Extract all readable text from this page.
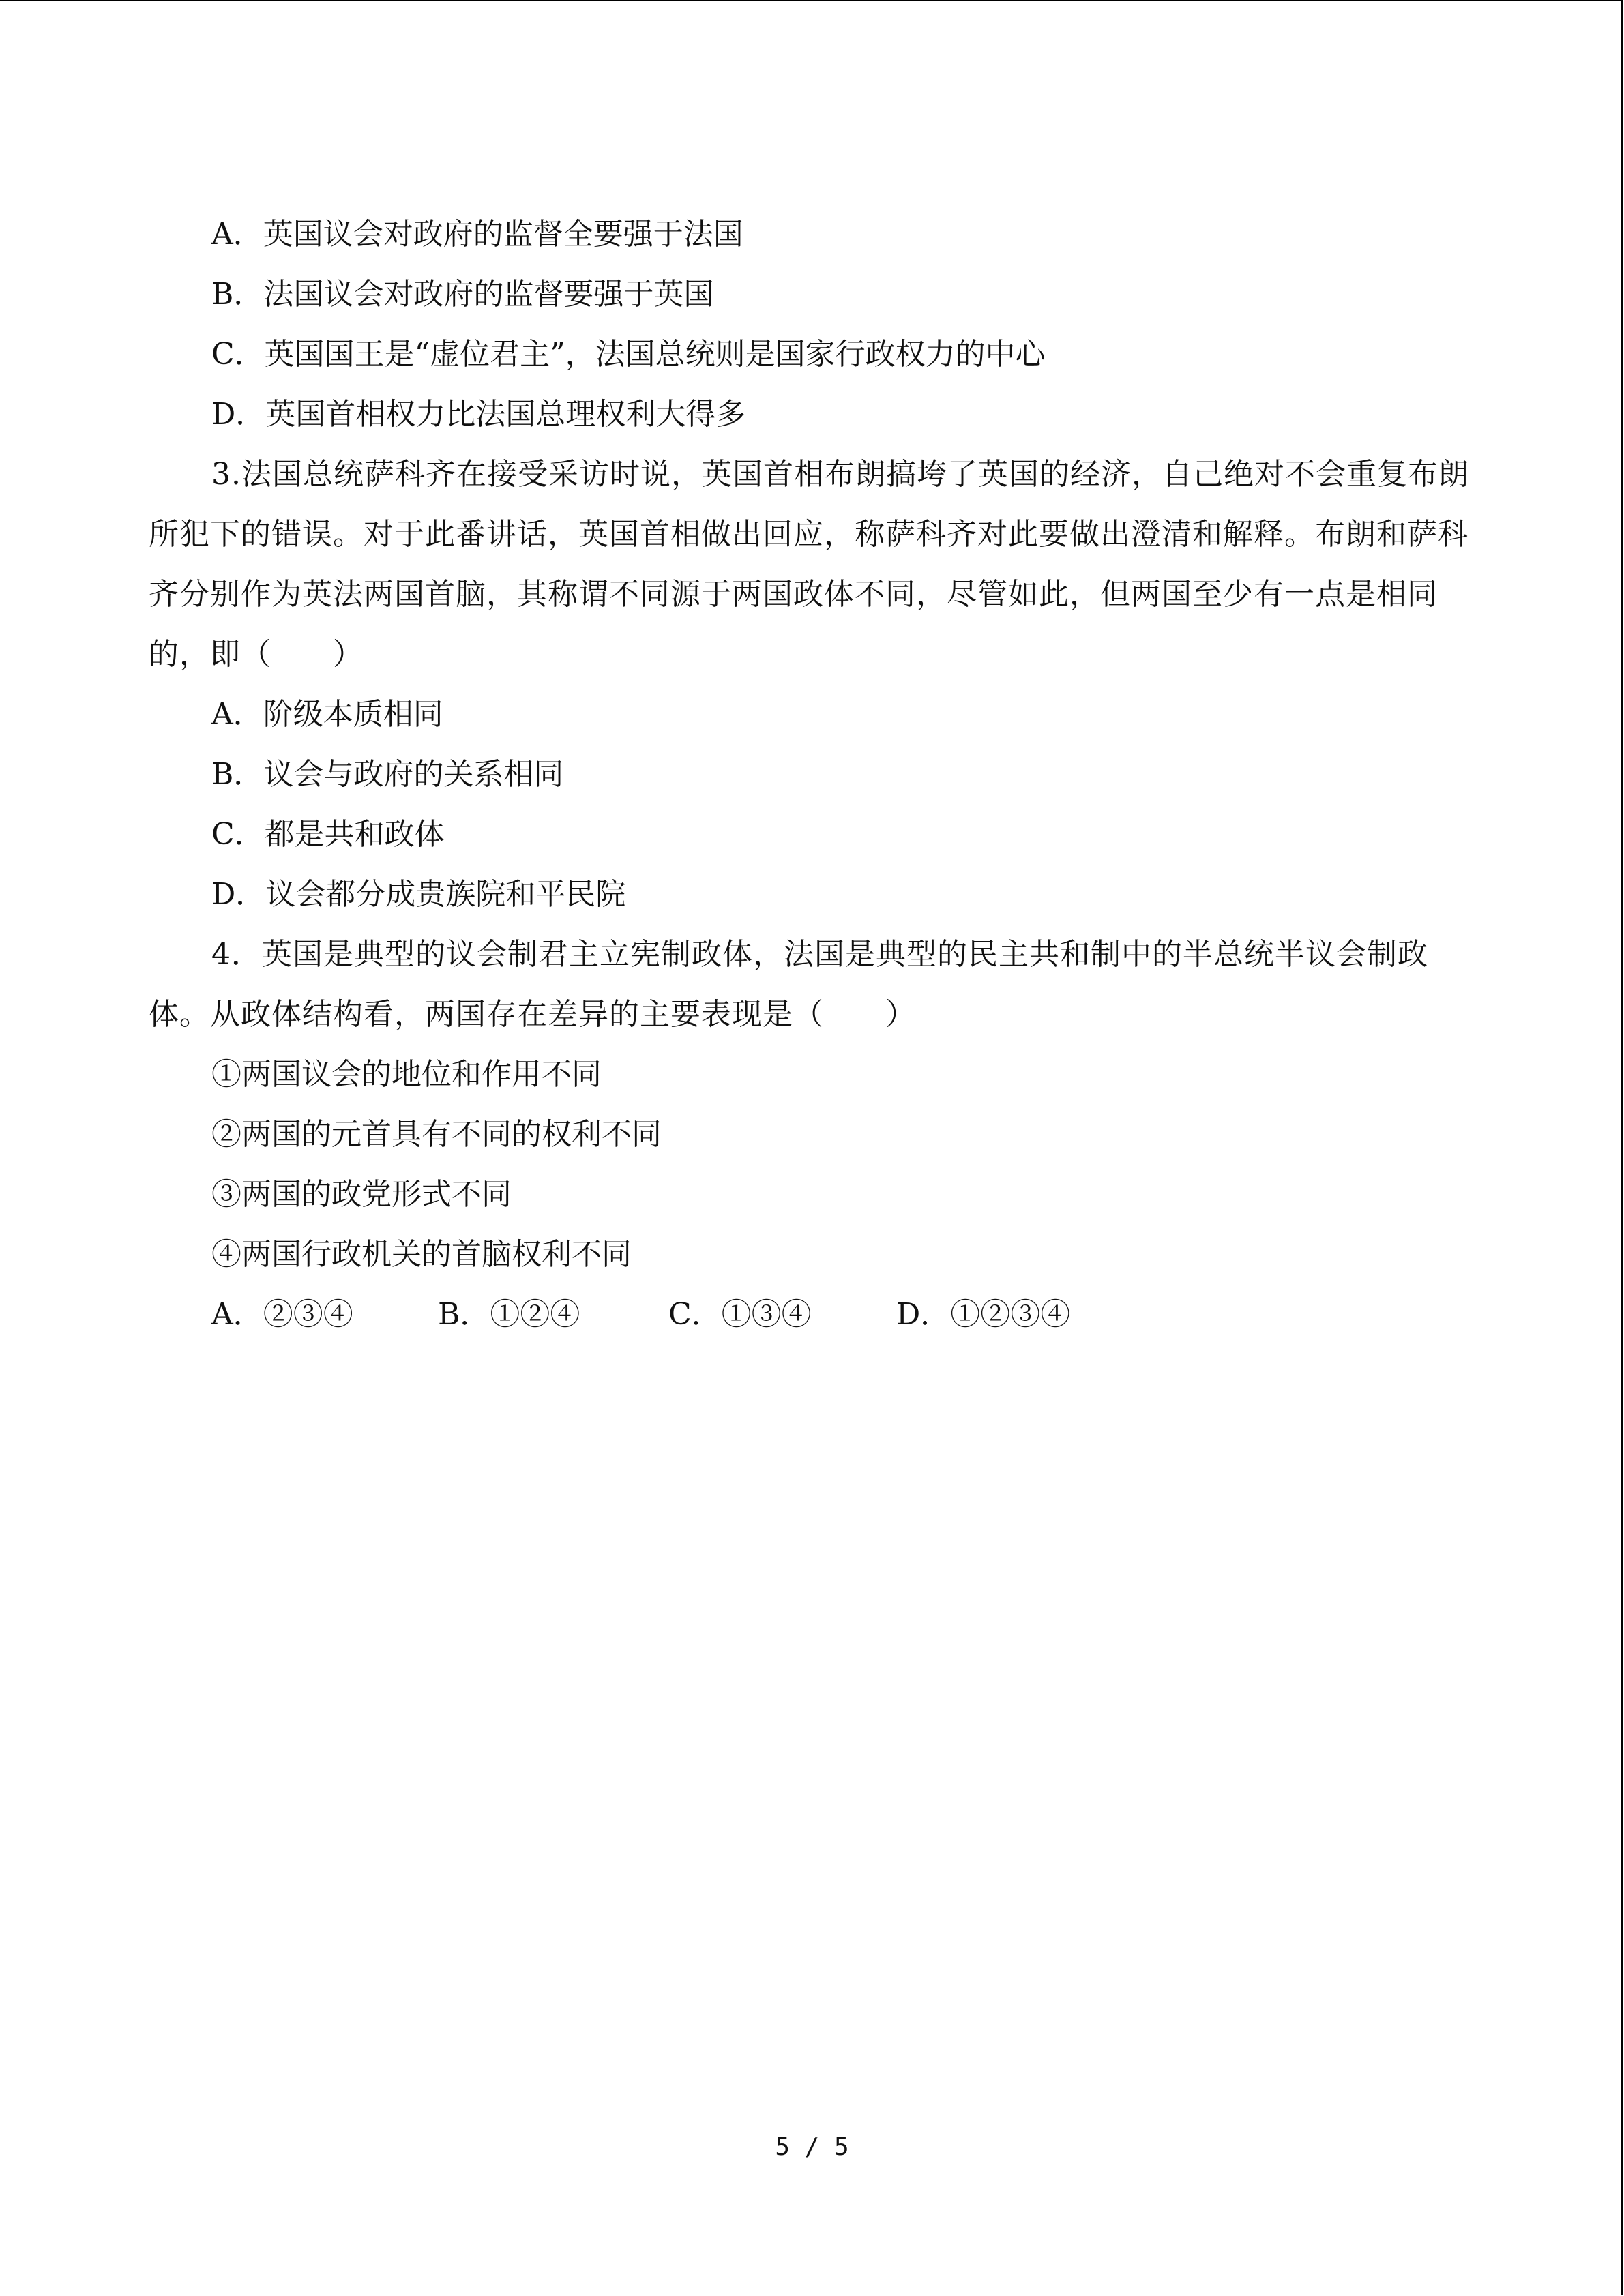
A．英国议会对政府的监督全要强于法国
B．法国议会对政府的监督要强于英国
C．英国国王是“虚位君主”，法国总统则是国家行政权力的中心
D．英国首相权力比法国总理权利大得多
3.法国总统萨科齐在接受采访时说，英国首相布朗搞垮了英国的经济，自己绝对不会重复布朗所犯下的错误。对于此番讲话，英国首相做出回应，称萨科齐对此要做出澄清和解释。布朗和萨科齐分别作为英法两国首脑，其称谓不同源于两国政体不同，尽管如此，但两国至少有一点是相同的，即（　　）
A．阶级本质相同
B．议会与政府的关系相同
C．都是共和政体
D．议会都分成贵族院和平民院
4．英国是典型的议会制君主立宪制政体，法国是典型的民主共和制中的半总统半议会制政体。从政体结构看，两国存在差异的主要表现是（　　）
①两国议会的地位和作用不同
②两国的元首具有不同的权利不同
③两国的政党形式不同
④两国行政机关的首脑权利不同
A．②③④	B．①②④	C．①③④	D．①②③④
5 / 5
